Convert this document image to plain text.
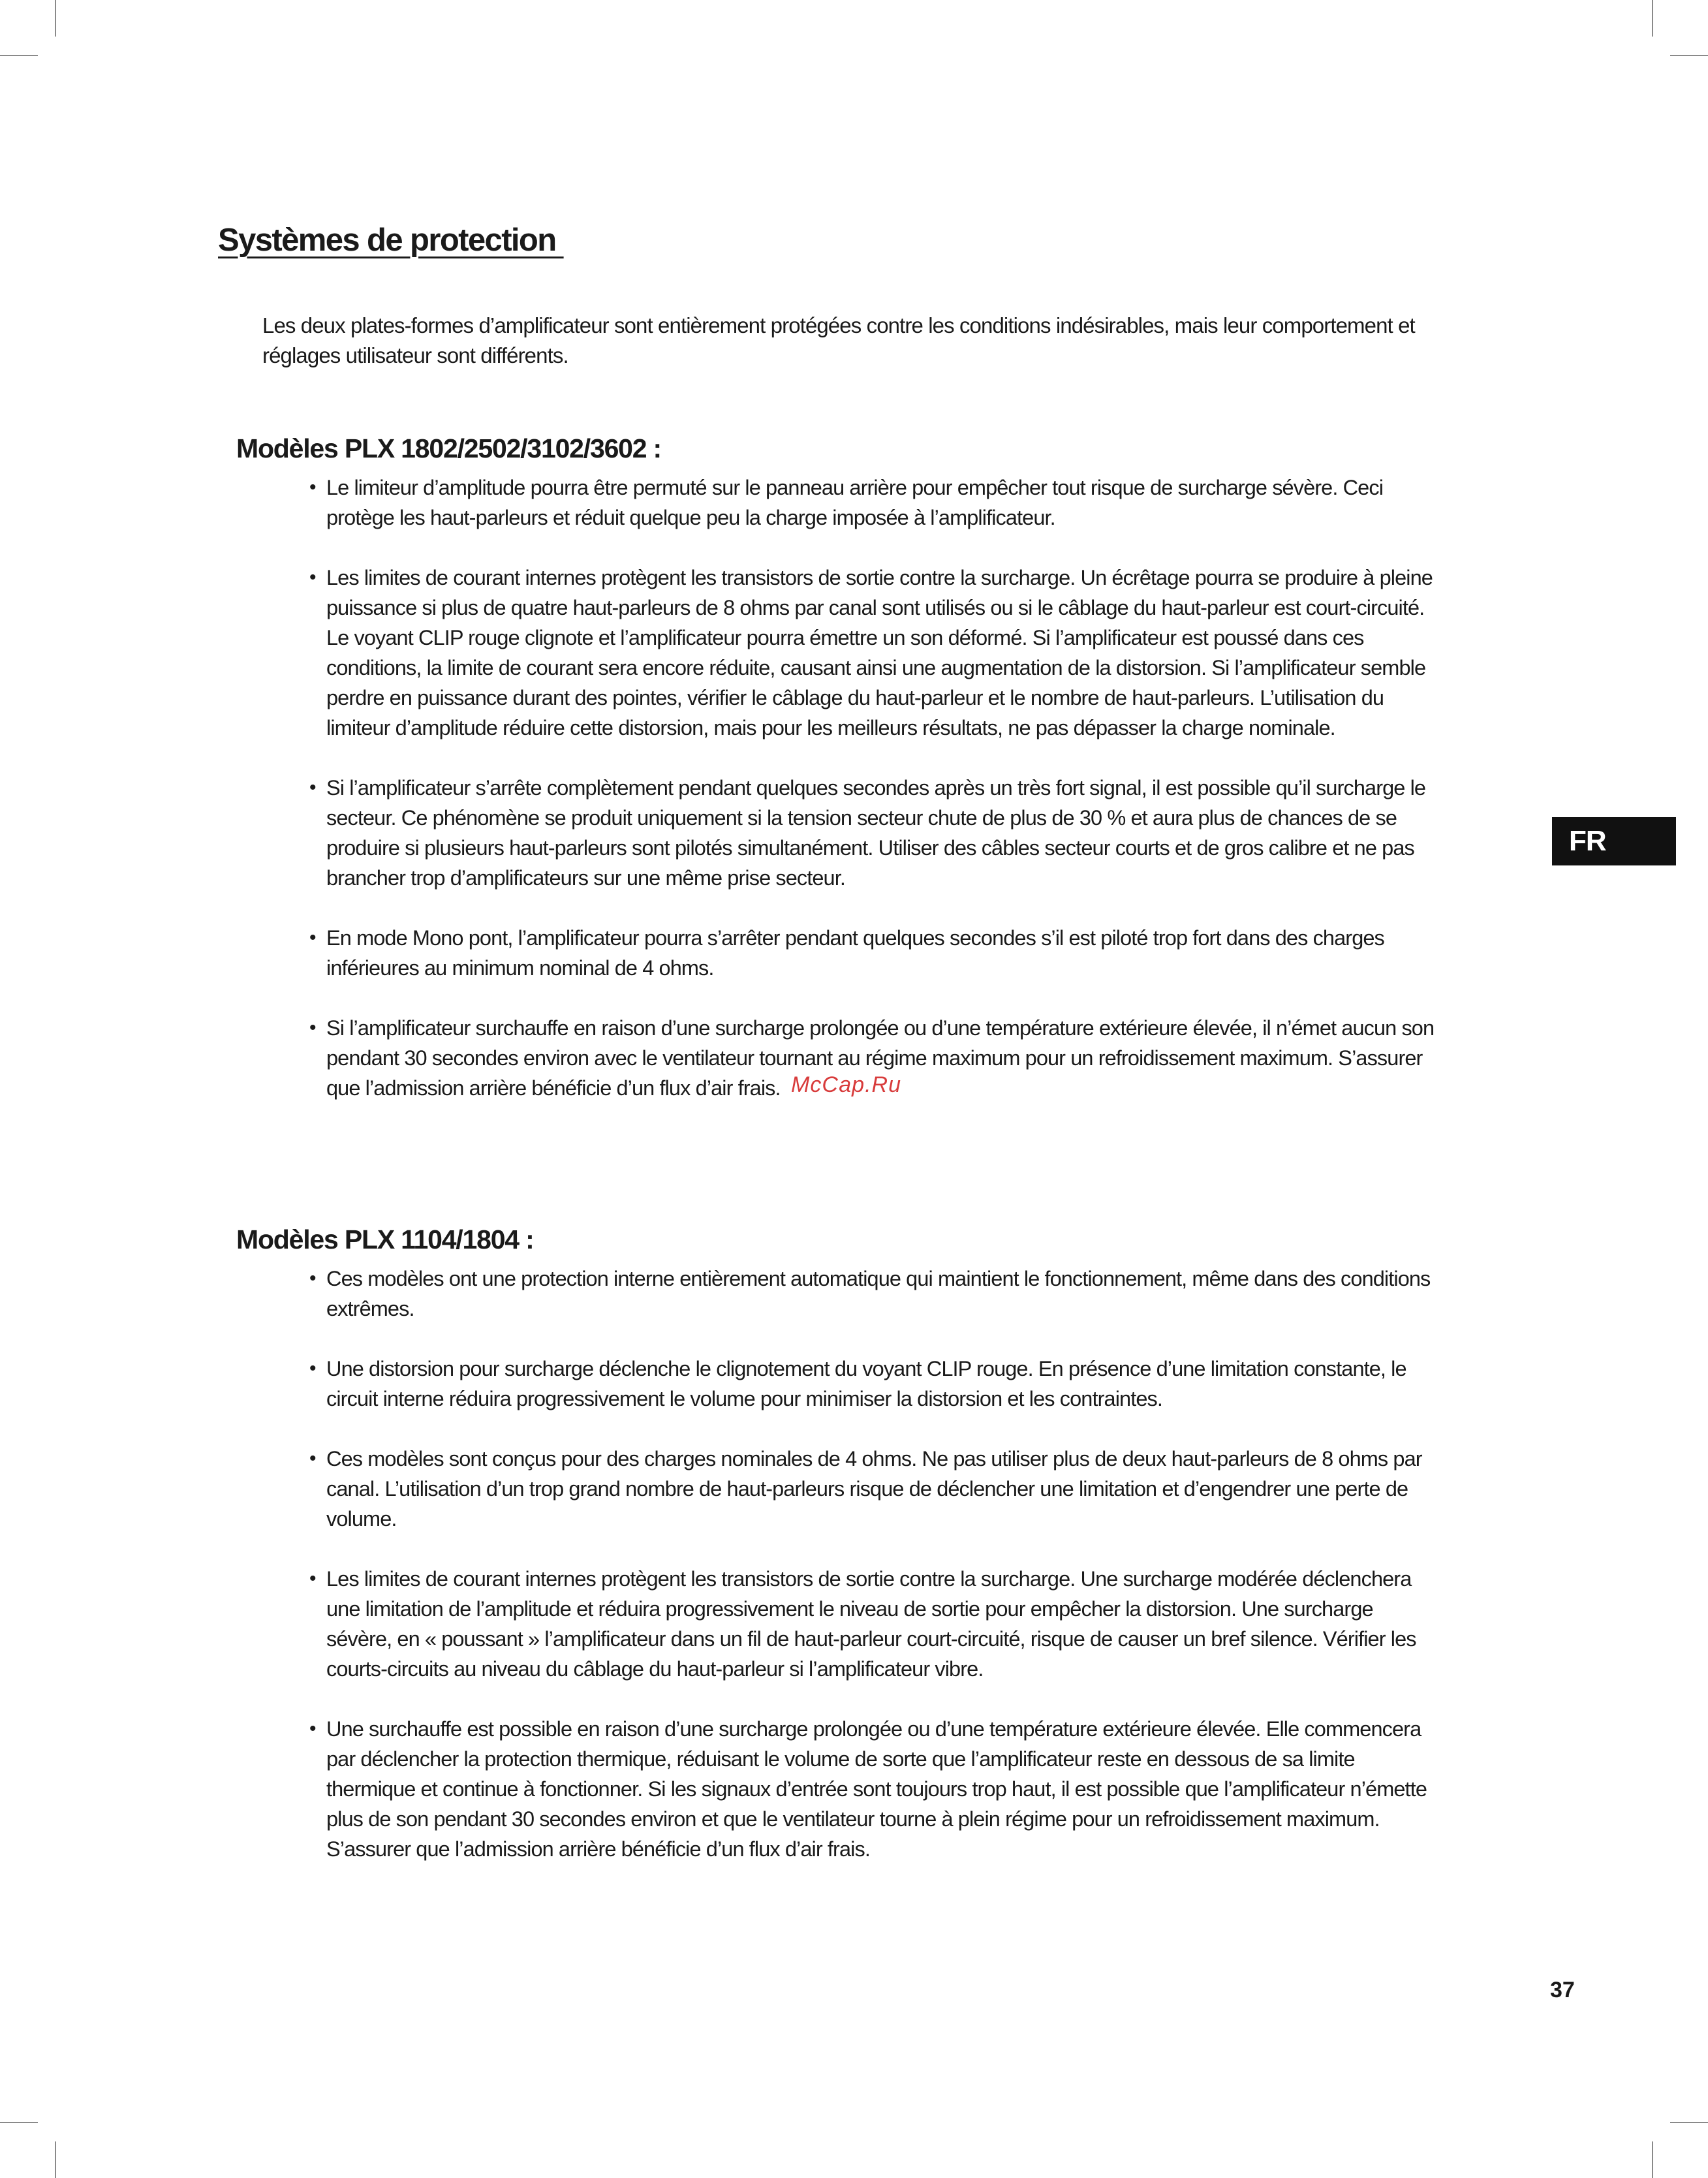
Systèmes de protection

Les deux plates-formes d’amplificateur sont entièrement protégées contre les conditions indésirables, mais leur comportement et réglages utilisateur sont différents.

Modèles PLX 1802/2502/3102/3602 :
• Le limiteur d’amplitude pourra être permuté sur le panneau arrière pour empêcher tout risque de surcharge sévère. Ceci protège les haut-parleurs et réduit quelque peu la charge imposée à l’amplificateur.
• Les limites de courant internes protègent les transistors de sortie contre la surcharge. Un écrêtage pourra se produire à pleine puissance si plus de quatre haut-parleurs de 8 ohms par canal sont utilisés ou si le câblage du haut-parleur est court-circuité. Le voyant CLIP rouge clignote et l’amplificateur pourra émettre un son déformé. Si l’amplificateur est poussé dans ces conditions, la limite de courant sera encore réduite, causant ainsi une augmentation de la distorsion. Si l’amplificateur semble perdre en puissance durant des pointes, vérifier le câblage du haut-parleur et le nombre de haut-parleurs. L’utilisation du limiteur d’amplitude réduire cette distorsion, mais pour les meilleurs résultats, ne pas dépasser la charge nominale.
• Si l’amplificateur s’arrête complètement pendant quelques secondes après un très fort signal, il est possible qu’il surcharge le secteur. Ce phénomène se produit uniquement si la tension secteur chute de plus de 30 % et aura plus de chances de se produire si plusieurs haut-parleurs sont pilotés simultanément. Utiliser des câbles secteur courts et de gros calibre et ne pas brancher trop d’amplificateurs sur une même prise secteur.
• En mode Mono pont, l’amplificateur pourra s’arrêter pendant quelques secondes s’il est piloté trop fort dans des charges inférieures au minimum nominal de 4 ohms.
• Si l’amplificateur surchauffe en raison d’une surcharge prolongée ou d’une température extérieure élevée, il n’émet aucun son pendant 30 secondes environ avec le ventilateur tournant au régime maximum pour un refroidissement maximum. S’assurer que l’admission arrière bénéficie d’un flux d’air frais.
Modèles PLX 1104/1804 :
• Ces modèles ont une protection interne entièrement automatique qui maintient le fonctionnement, même dans des conditions extrêmes.
• Une distorsion pour surcharge déclenche le clignotement du voyant CLIP rouge. En présence d’une limitation constante, le circuit interne réduira progressivement le volume pour minimiser la distorsion et les contraintes.
• Ces modèles sont conçus pour des charges nominales de 4 ohms. Ne pas utiliser plus de deux haut-parleurs de 8 ohms par canal. L’utilisation d’un trop grand nombre de haut-parleurs risque de déclencher une limitation et d’engendrer une perte de volume.
• Les limites de courant internes protègent les transistors de sortie contre la surcharge. Une surcharge modérée déclenchera une limitation de l’amplitude et réduira progressivement le niveau de sortie pour empêcher la distorsion. Une surcharge sévère, en « poussant » l’amplificateur dans un fil de haut-parleur court-circuité, risque de causer un bref silence. Vérifier les courts-circuits au niveau du câblage du haut-parleur si l’amplificateur vibre.
• Une surchauffe est possible en raison d’une surcharge prolongée ou d’une température extérieure élevée. Elle commencera par déclencher la protection thermique, réduisant le volume de sorte que l’amplificateur reste en dessous de sa limite thermique et continue à fonctionner. Si les signaux d’entrée sont toujours trop haut, il est possible que l’amplificateur n’émette plus de son pendant 30 secondes environ et que le ventilateur tourne à plein régime pour un refroidissement maximum. S’assurer que l’admission arrière bénéficie d’un flux d’air frais.
FR
МсСар.Ru
37
